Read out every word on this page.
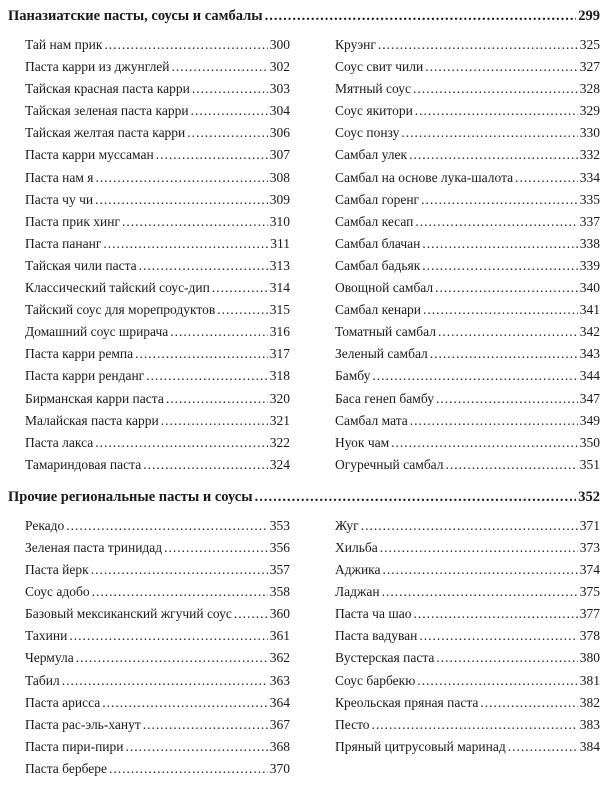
Паназиатские пасты, соусы и самбалы .....	299
Тай нам прик .....	300
Паста карри из джунглей .....	302
Тайская красная паста карри .....	303
Тайская зеленая паста карри .....	304
Тайская желтая паста карри .....	306
Паста карри муссаман .....	307
Паста нам я .....	308
Паста чу чи .....	309
Паста прик хинг .....	310
Паста пананг .....	311
Тайская чили паста .....	313
Классический тайский соус-дип .....	314
Тайский соус для морепродуктов .....	315
Домашний соус шрирача .....	316
Паста карри ремпа .....	317
Паста карри ренданг .....	318
Бирманская карри паста .....	320
Малайская паста карри .....	321
Паста лакса .....	322
Тамариндовая паста .....	324
Круэнг .....	325
Соус свит чили .....	327
Мятный соус .....	328
Соус якитори .....	329
Соус понзу .....	330
Самбал улек .....	332
Самбал на основе лука-шалота .....	334
Самбал горенг .....	335
Самбал кесап .....	337
Самбал блачан .....	338
Самбал бадьяк .....	339
Овощной самбал .....	340
Самбал кенари .....	341
Томатный самбал .....	342
Зеленый самбал .....	343
Бамбу .....	344
Баса генеп бамбу .....	347
Самбал мата .....	349
Нуок чам .....	350
Огуречный самбал .....	351
Прочие региональные пасты и соусы .....	352
Рекадо .....	353
Зеленая паста тринидад .....	356
Паста йерк .....	357
Соус адобо .....	358
Базовый мексиканский жгучий соус .....	360
Тахини .....	361
Чермула .....	362
Табил .....	363
Паста арисса .....	364
Паста рас-эль-ханут .....	367
Паста пири-пири .....	368
Паста бербере .....	370
Жуг .....	371
Хильба .....	373
Аджика .....	374
Ладжан .....	375
Паста ча шао .....	377
Паста вадуван .....	378
Вустерская паста .....	380
Соус барбекю .....	381
Креольская пряная паста .....	382
Песто .....	383
Пряный цитрусовый маринад .....	384
